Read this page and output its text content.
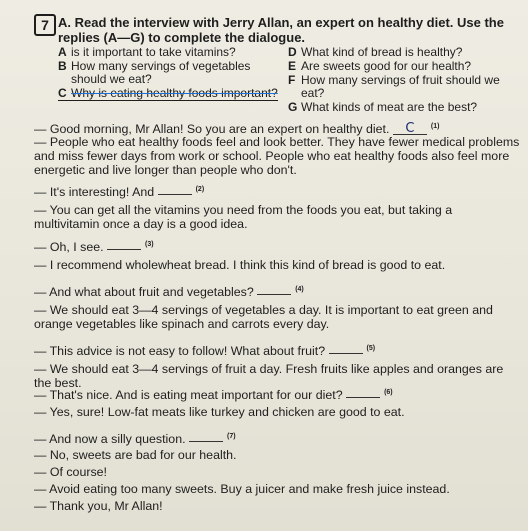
7 A. Read the interview with Jerry Allan, an expert on healthy diet. Use the replies (A—G) to complete the dialogue.
A is it important to take vitamins?
B How many servings of vegetables should we eat?
C Why is eating healthy foods important?
D What kind of bread is healthy?
E Are sweets good for our health?
F How many servings of fruit should we eat?
G What kinds of meat are the best?
— Good morning, Mr Allan! So you are an expert on healthy diet. C $^{(1)}$
— People who eat healthy foods feel and look better. They have fewer medical problems and miss fewer days from work or school. People who eat healthy foods also feel more energetic and live longer than people who don't.
— It's interesting! And	$^{(2)}$
— You can get all the vitamins you need from the foods you eat, but taking a multivitamin once a day is a good idea.
— Oh, I see.	$^{(3)}$
— I recommend wholewheat bread. I think this kind of bread is good to eat.
— And what about fruit and vegetables?	$^{(4)}$
— We should eat 3—4 servings of vegetables a day. It is important to eat green and orange vegetables like spinach and carrots every day.
— This advice is not easy to follow! What about fruit?	$^{(5)}$
— We should eat 3—4 servings of fruit a day. Fresh fruits like apples and oranges are the best.
— That's nice. And is eating meat important for our diet?	$^{(6)}$
— Yes, sure! Low-fat meats like turkey and chicken are good to eat.
— And now a silly question.	$^{(7)}$
— No, sweets are bad for our health.
— Of course!
— Avoid eating too many sweets. Buy a juicer and make fresh juice instead.
— Thank you, Mr Allan!
